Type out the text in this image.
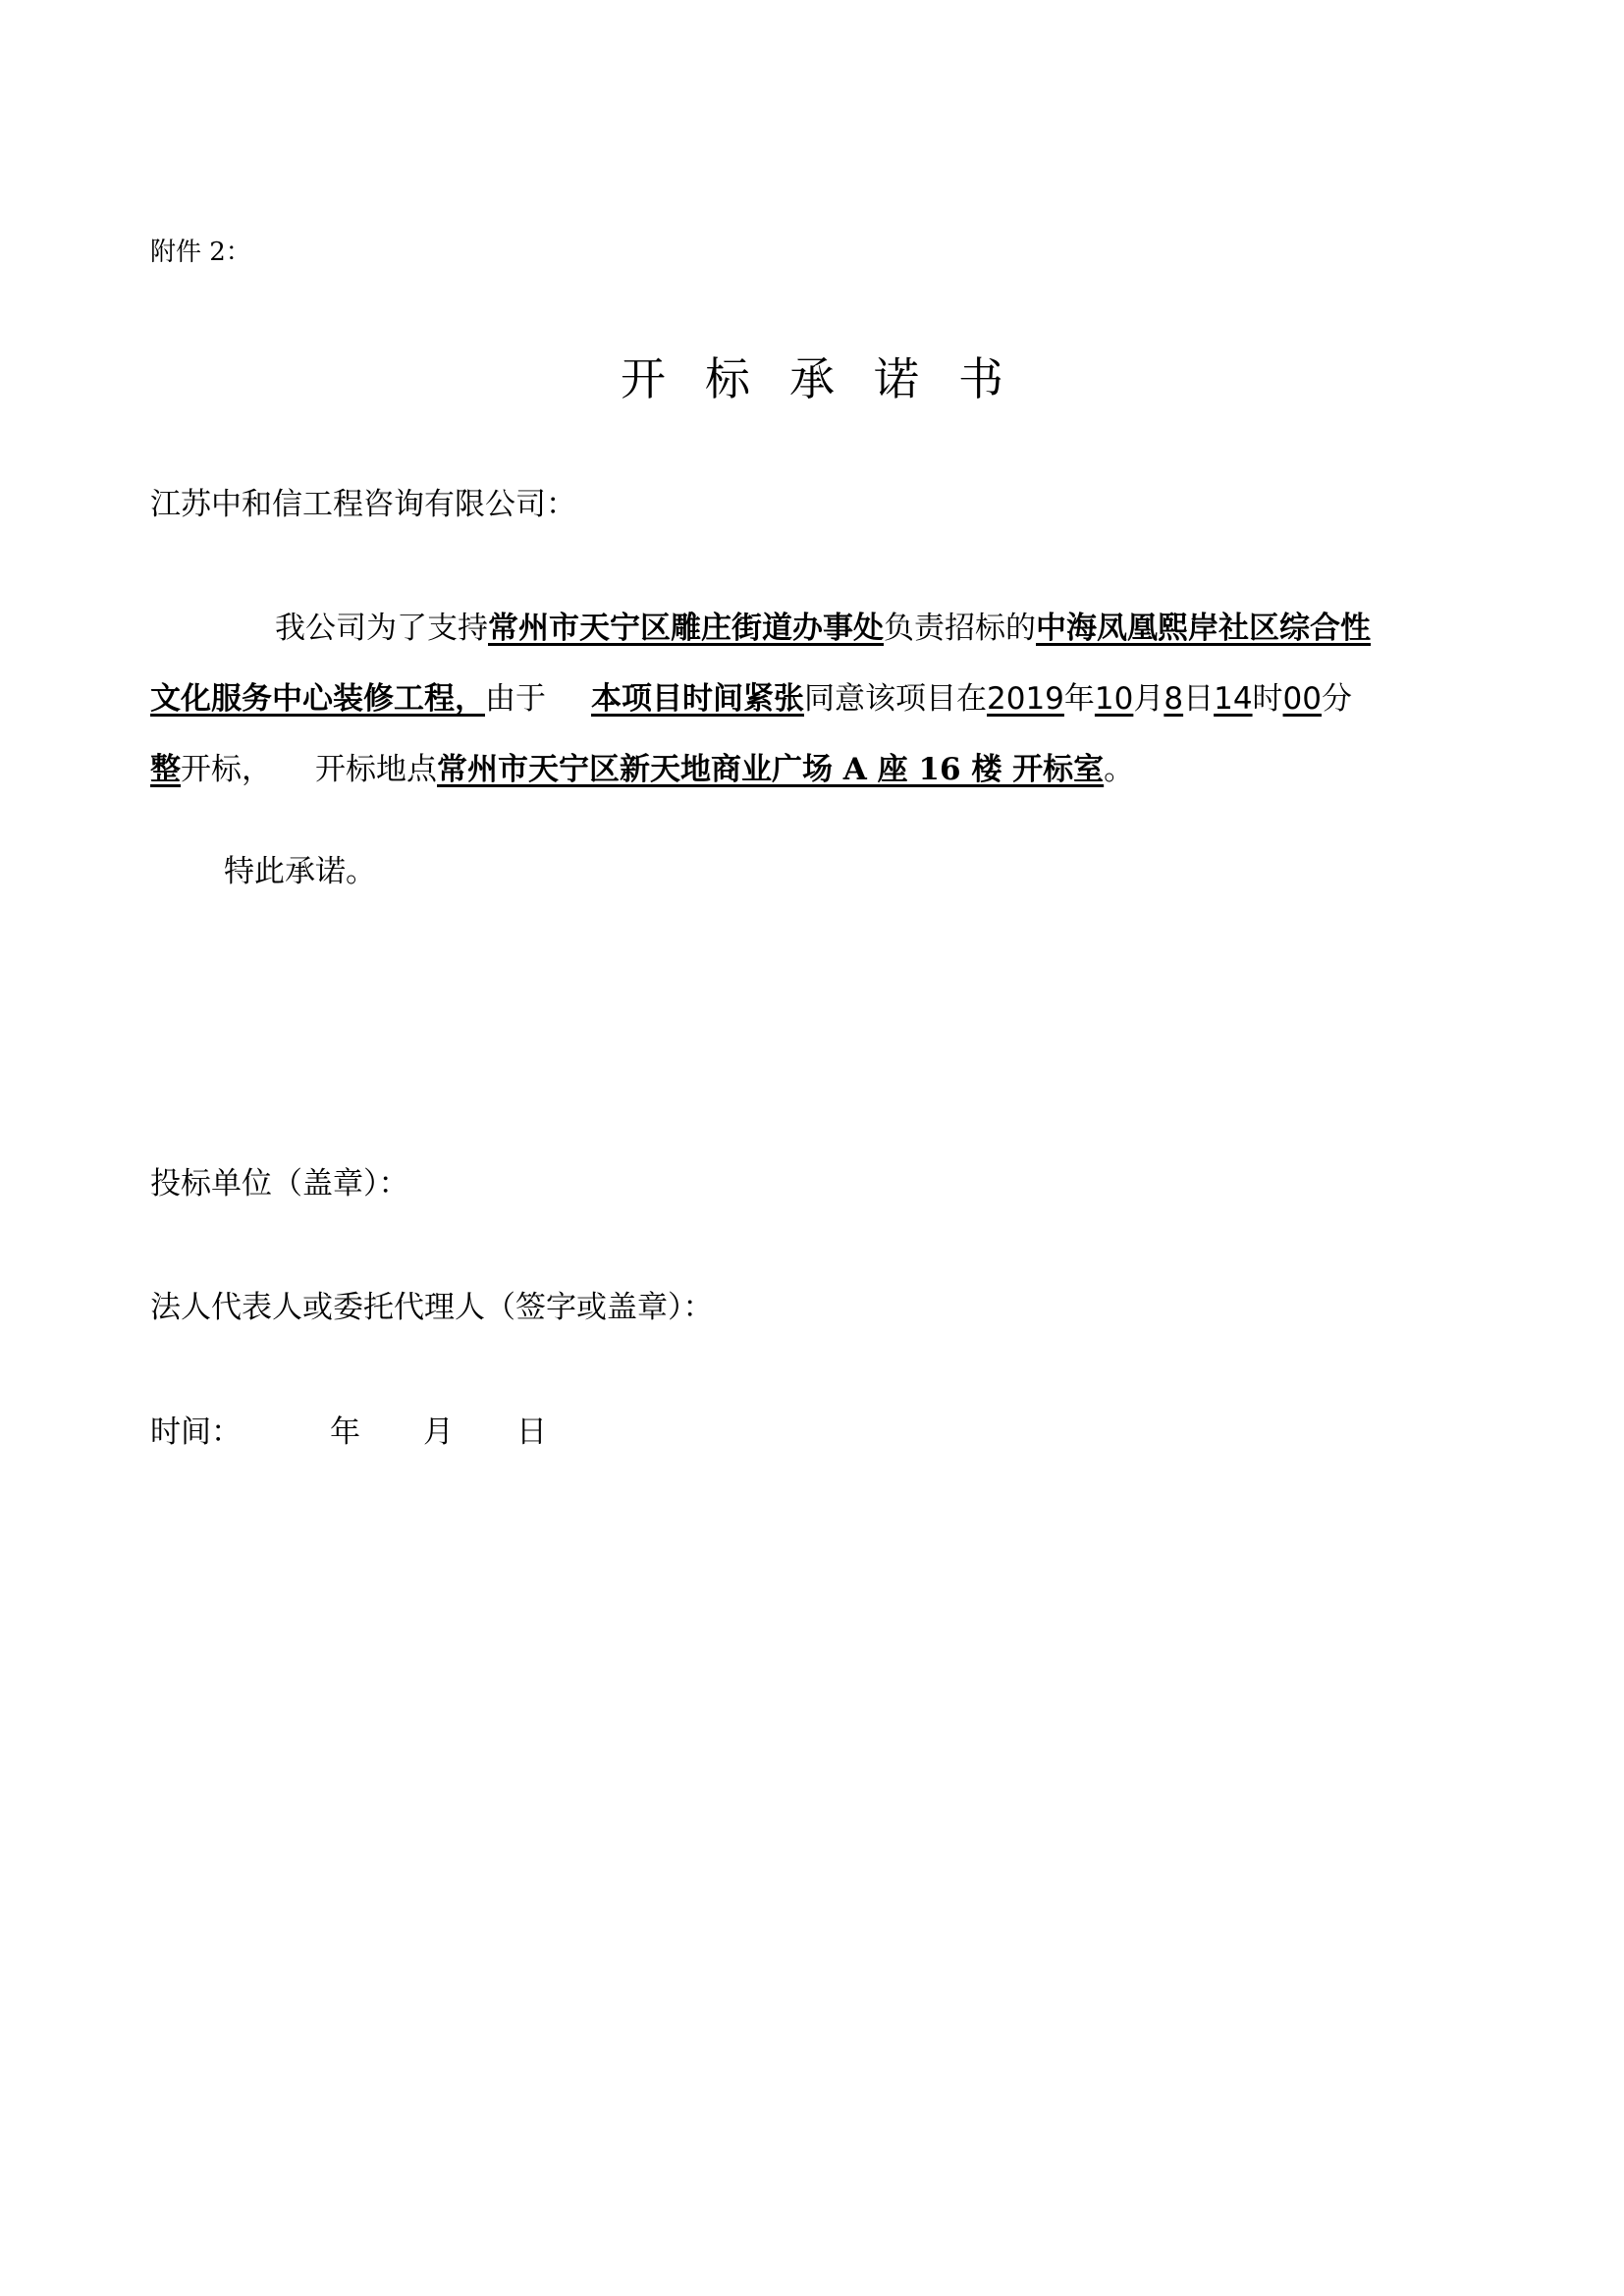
附件 2：
开标承诺书
江苏中和信工程咨询有限公司：
我公司为了支持常州市天宁区雕庄街道办事处负责招标的中海凤凰熙岸社区综合性
文化服务中心装修工程，由于 本项目时间紧张同意该项目在2019年10月8日14时00分
整开标， 开标地点常州市天宁区新天地商业广场 A 座 16 楼 开标室。
特此承诺。
投标单位（盖章）：
法人代表人或委托代理人（签字或盖章）：
时间：	年 月 日
